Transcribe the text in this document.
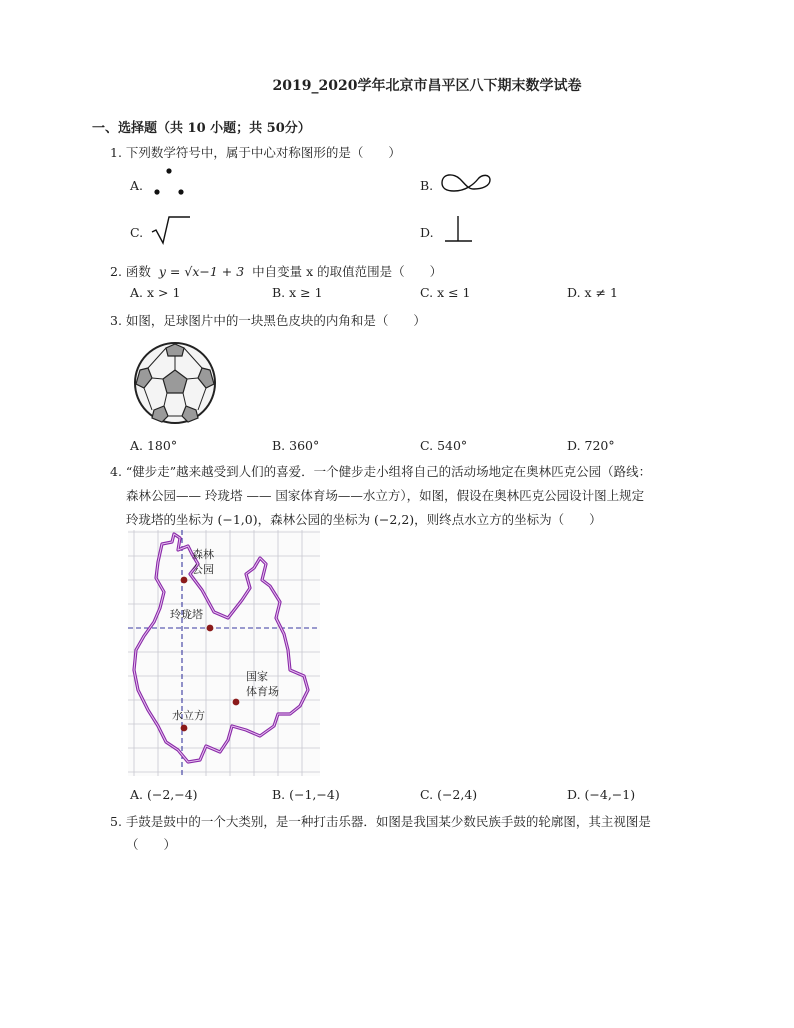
2019_2020学年北京市昌平区八下期末数学试卷
一、选择题（共 10 小题；共 50分）
1. 下列数学符号中，属于中心对称图形的是（　　）
A.	B.
C.	D.
2. 函数 y = √x−1 + 3 中自变量 x 的取值范围是（　　）
A. x > 1	B. x ≥ 1	C. x ≤ 1	D. x ≠ 1
3. 如图，足球图片中的一块黑色皮块的内角和是（　　）
A. 180°	B. 360°	C. 540°	D. 720°
4. “健步走”越来越受到人们的喜爱．一个健步走小组将自己的活动场地定在奥林匹克公园（路线：
森林公园—— 玲珑塔 —— 国家体育场——水立方），如图，假设在奥林匹克公园设计图上规定
玲珑塔的坐标为 (−1,0)，森林公园的坐标为 (−2,2)，则终点水立方的坐标为（　　）
森林
公园
玲珑塔
国家
体育场
水立方
A. (−2,−4)	B. (−1,−4)	C. (−2,4)	D. (−4,−1)
5. 手鼓是鼓中的一个大类别，是一种打击乐器．如图是我国某少数民族手鼓的轮廓图，其主视图是
（　　）
